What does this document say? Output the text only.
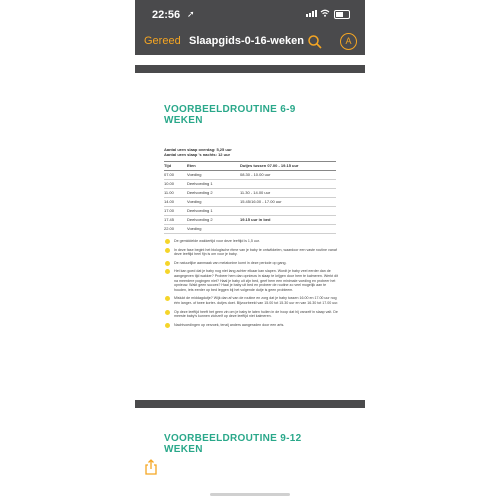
22:56 ➚
Gereed Slaapgids-0-16-weken	A
VOORBEELDROUTINE 6-9
WEKEN
Aantal uren slaap overdag: 5,25 uur
Aantal uren slaap 's nachts: 12 uur
Tijd	Eten	Dutjes tussen 07.00 - 19.15 uur
07.00	Voeding	08.30 - 10.00 uur
10.00	Deelvoeding 1
11.00	Deelvoeding 2	11.30 - 14.00 uur
14.00	Voeding	15.45/16.00 - 17.00 uur
17.00	Deelvoeding 1
17.45	Deelvoeding 2	19.15 uur in bed
22.00	Voeding
De gemiddelde wakkertijd voor deze leeftijd is 1,5 uur.
In deze fase begint het biologische ritme van je baby te ontwikkelen, waardoor een vaste routine vanaf deze leeftijd heel fijn is om voor je baby.
De natuurlijke aanmaak van melatonine komt in deze periode op gang.
Het kan goed dat je baby nog niet lang achter elkaar kan slapen. Wordt je baby veel eerder dan de aangegeven tijd wakker? Probeer hem dan opnieuw in slaap te krijgen door hem te kalmeren. Werkt dit na meerdere pogingen niet? Haal je baby uit zijn bed, geef hem een minimale voeding en probeer het opnieuw. Wakt geen succes? Haal je baby uit bed en probeer de routine zo veel mogelijk aan te houden, iets eerder op bed leggen bij het volgende dutje is geen probleem.
Mislukt de middagdutje? Wijk dan af van de routine en zorg dat je baby tussen 16.00 en 17.00 uur nog één langer- of twee korter- dutjes doet. Bijvoorbeeld van 15.00 tot 15.30 uur en van 16.30 tot 17.00 uur.
Op deze leeftijd heeft het geen zin om je baby te laten huilen in de hoop dat hij vanzelf in slaap valt. De meeste baby's kunnen zichzelf op deze leeftijd niet kalmeren.
Nachtvoedingen op verzoek, tenzij anders aangeraden door een arts.
VOORBEELDROUTINE 9-12
WEKEN
